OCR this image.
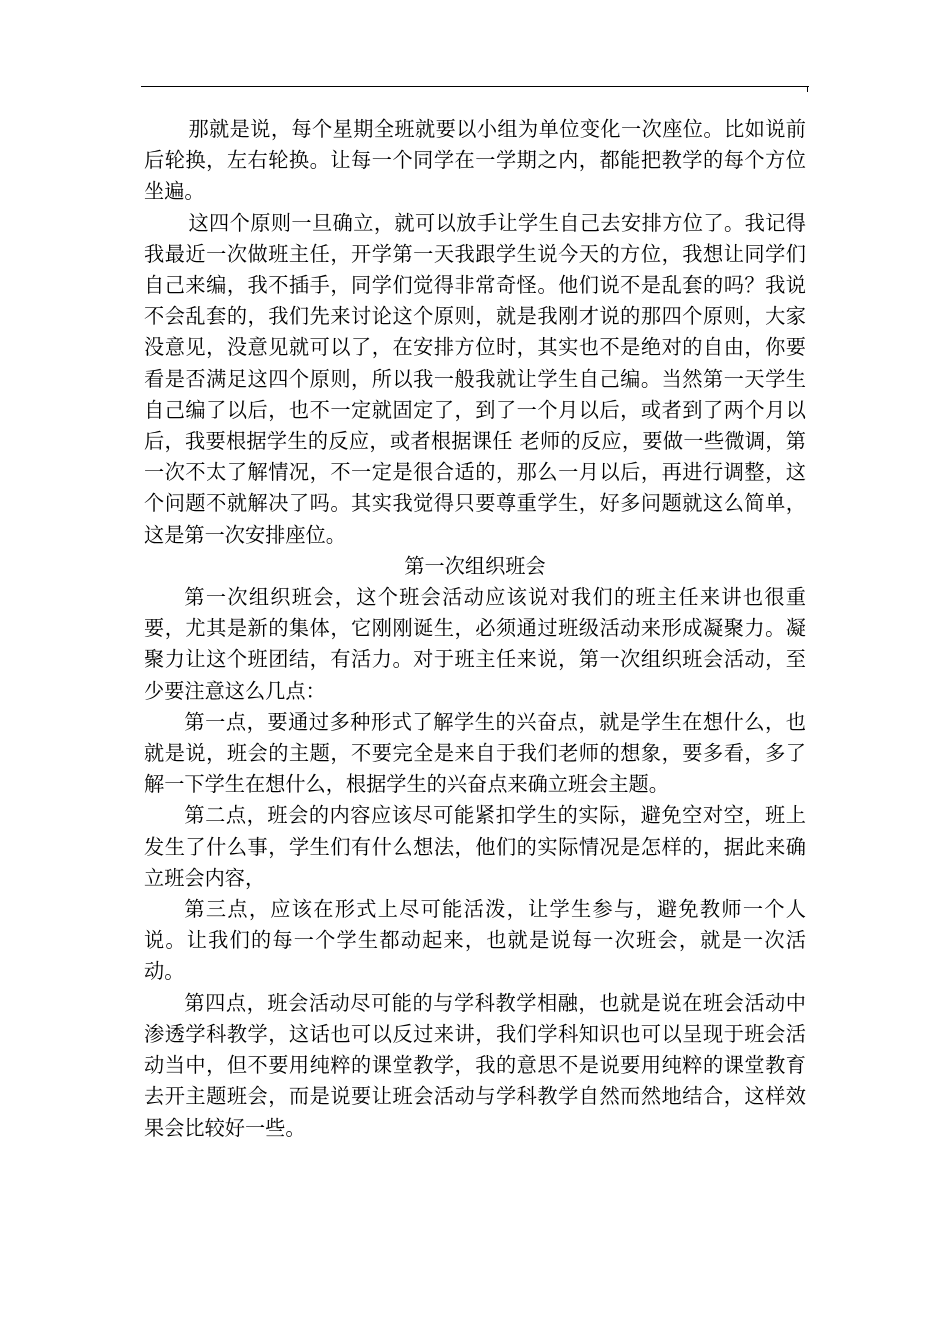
那就是说，每个星期全班就要以小组为单位变化一次座位。比如说前后轮换，左右轮换。让每一个同学在一学期之内，都能把教学的每个方位坐遍。

这四个原则一旦确立，就可以放手让学生自己去安排方位了。我记得我最近一次做班主任，开学第一天我跟学生说今天的方位，我想让同学们自己来编，我不插手，同学们觉得非常奇怪。他们说不是乱套的吗？我说不会乱套的，我们先来讨论这个原则，就是我刚才说的那四个原则，大家没意见，没意见就可以了，在安排方位时，其实也不是绝对的自由，你要看是否满足这四个原则，所以我一般我就让学生自己编。当然第一天学生自己编了以后，也不一定就固定了，到了一个月以后，或者到了两个月以后，我要根据学生的反应，或者根据课任 老师的反应，要做一些微调，第一次不太了解情况，不一定是很合适的，那么一月以后，再进行调整，这个问题不就解决了吗。其实我觉得只要尊重学生，好多问题就这么简单，这是第一次安排座位。

第一次组织班会

第一次组织班会，这个班会活动应该说对我们的班主任来讲也很重要，尤其是新的集体，它刚刚诞生，必须通过班级活动来形成凝聚力。凝聚力让这个班团结，有活力。对于班主任来说，第一次组织班会活动，至少要注意这么几点：

第一点，要通过多种形式了解学生的兴奋点，就是学生在想什么，也就是说，班会的主题，不要完全是来自于我们老师的想象，要多看，多了解一下学生在想什么，根据学生的兴奋点来确立班会主题。

第二点，班会的内容应该尽可能紧扣学生的实际，避免空对空，班上发生了什么事，学生们有什么想法，他们的实际情况是怎样的，据此来确立班会内容，

第三点，应该在形式上尽可能活泼，让学生参与，避免教师一个人说。让我们的每一个学生都动起来，也就是说每一次班会，就是一次活动。

第四点，班会活动尽可能的与学科教学相融，也就是说在班会活动中渗透学科教学，这话也可以反过来讲，我们学科知识也可以呈现于班会活动当中，但不要用纯粹的课堂教学，我的意思不是说要用纯粹的课堂教育去开主题班会，而是说要让班会活动与学科教学自然而然地结合，这样效果会比较好一些。
